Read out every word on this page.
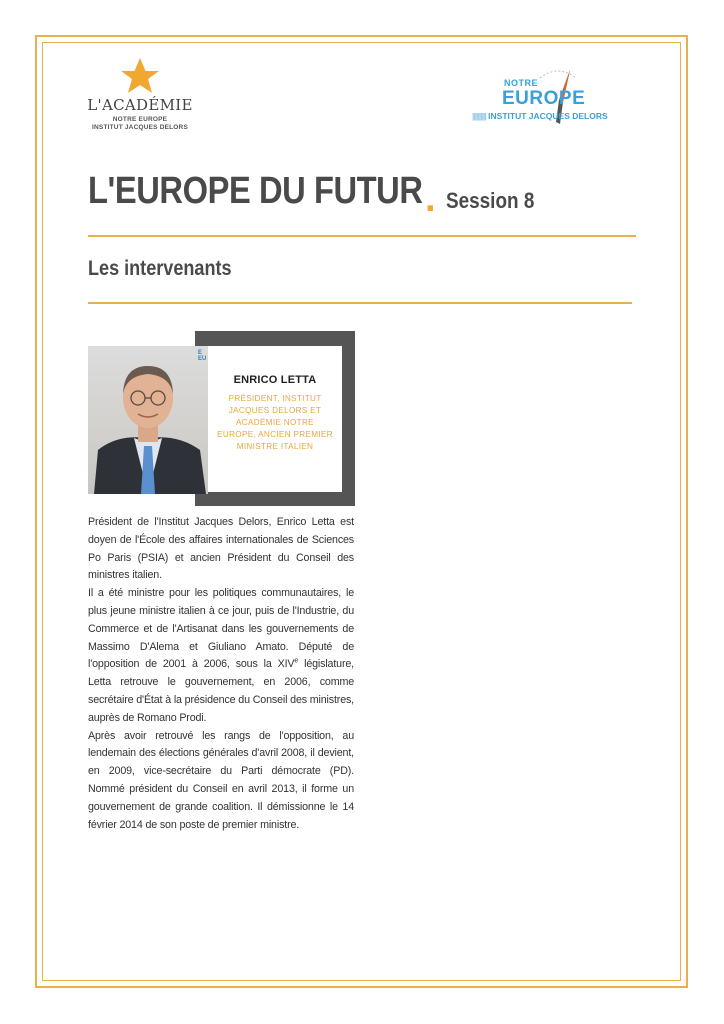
L'ACADÉMIE
NOTRE EUROPE
INSTITUT JACQUES DELORS
NOTRE
EUROPE
|||||||||| INSTITUT JACQUES DELORS
L'EUROPE DU FUTUR . Session 8
Les intervenants
E EU
ENRICO LETTA
PRÉSIDENT, INSTITUT JACQUES DELORS ET ACADÉMIE NOTRE EUROPE, ANCIEN PREMIER MINISTRE ITALIEN

Président de l'Institut Jacques Delors, Enrico Letta est doyen de l'École des affaires internationales de Sciences Po Paris (PSIA) et ancien Président du Conseil des ministres italien.

Il a été ministre pour les politiques communautaires, le plus jeune ministre italien à ce jour, puis de l'Industrie, du Commerce et de l'Artisanat dans les gouvernements de Massimo D'Alema et Giuliano Amato. Député de l'opposition de 2001 à 2006, sous la XIVe législature, Letta retrouve le gouvernement, en 2006, comme secrétaire d'État à la présidence du Conseil des ministres, auprès de Romano Prodi.

Après avoir retrouvé les rangs de l'opposition, au lendemain des élections générales d'avril 2008, il devient, en 2009, vice-secrétaire du Parti démocrate (PD). Nommé président du Conseil en avril 2013, il forme un gouvernement de grande coalition. Il démissionne le 14 février 2014 de son poste de premier ministre.
